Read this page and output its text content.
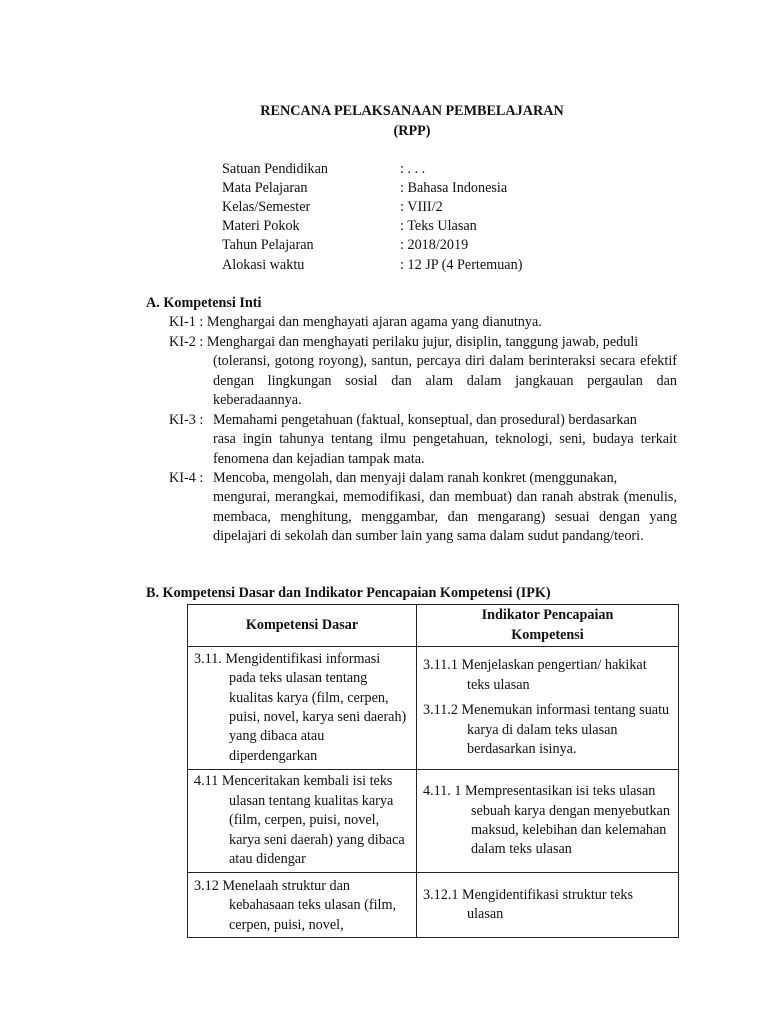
RENCANA PELAKSANAAN PEMBELAJARAN
(RPP)
Satuan Pendidikan	: . . .
Mata Pelajaran	: Bahasa Indonesia
Kelas/Semester	: VIII/2
Materi Pokok	: Teks Ulasan
Tahun Pelajaran	: 2018/2019
Alokasi waktu	: 12 JP (4 Pertemuan)
A. Kompetensi Inti
KI-1 : Menghargai dan menghayati ajaran agama yang dianutnya.
KI-2 : Menghargai dan menghayati perilaku jujur, disiplin, tanggung jawab, peduli
(toleransi, gotong royong), santun, percaya diri dalam berinteraksi secara efektif dengan lingkungan sosial dan alam dalam jangkauan pergaulan dan keberadaannya.
KI-3 : Memahami pengetahuan (faktual, konseptual, dan prosedural) berdasarkan
rasa ingin tahunya tentang ilmu pengetahuan, teknologi, seni, budaya terkait fenomena dan kejadian tampak mata.
KI-4 : Mencoba, mengolah, dan menyaji dalam ranah konkret (menggunakan,
mengurai, merangkai, memodifikasi, dan membuat) dan ranah abstrak (menulis, membaca, menghitung, menggambar, dan mengarang) sesuai dengan yang dipelajari di sekolah dan sumber lain yang sama dalam sudut pandang/teori.
B. Kompetensi Dasar dan Indikator Pencapaian Kompetensi (IPK)
Kompetensi Dasar	Indikator Pencapaian Kompetensi

3.11. Mengidentifikasi informasi pada teks ulasan tentang kualitas karya (film, cerpen, puisi, novel, karya seni daerah) yang dibaca atau diperdengarkan	3.11.1 Menjelaskan pengertian/ hakikat teks ulasan
3.11.2 Menemukan informasi tentang suatu karya di dalam teks ulasan berdasarkan isinya.

4.11 Menceritakan kembali isi teks ulasan tentang kualitas karya (film, cerpen, puisi, novel, karya seni daerah) yang dibaca atau didengar	4.11. 1 Mempresentasikan isi teks ulasan sebuah karya dengan menyebutkan maksud, kelebihan dan kelemahan dalam teks ulasan

3.12 Menelaah struktur dan kebahasaan teks ulasan (film, cerpen, puisi, novel,	3.12.1 Mengidentifikasi struktur teks ulasan
